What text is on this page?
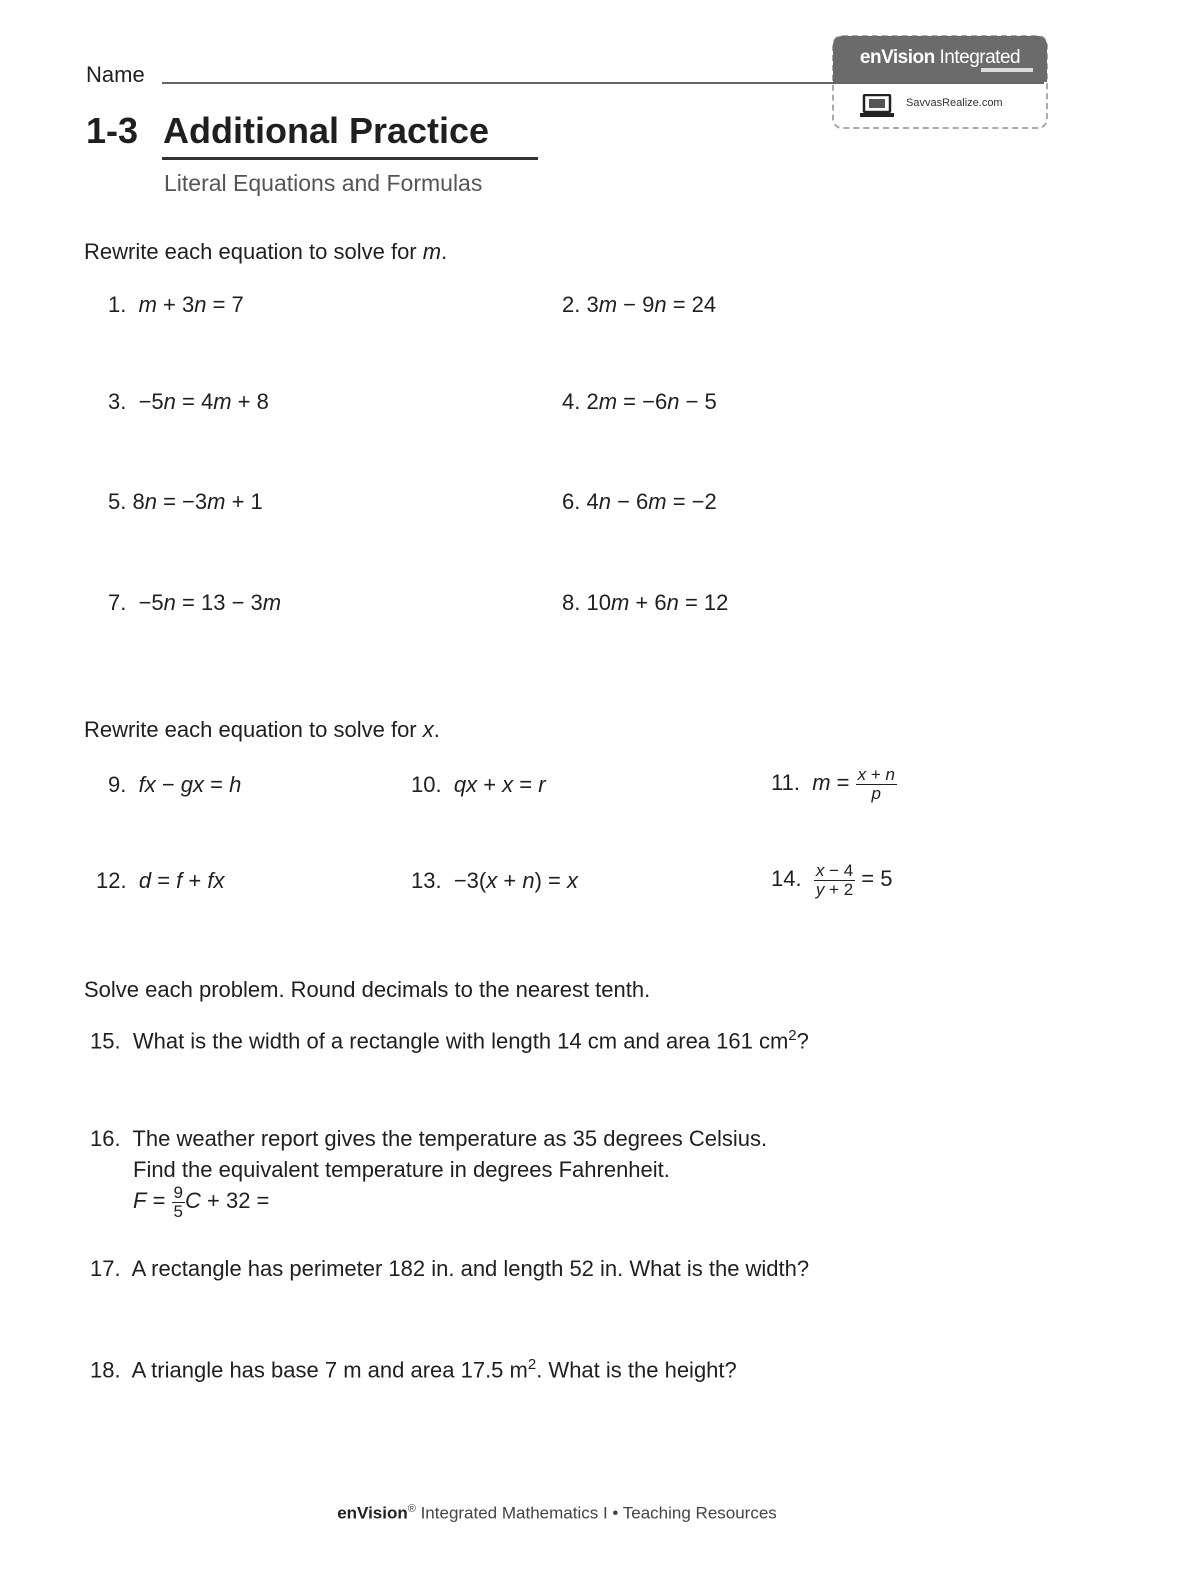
Name
enVision Integrated
SavvasRealize.com
1-3 Additional Practice
Literal Equations and Formulas
Rewrite each equation to solve for m.
1. m + 3n = 7	2. 3m − 9n = 24
3.  −5n = 4m + 8	4. 2m = −6n − 5
5. 8n = −3m + 1	6. 4n − 6m = −2
7.  −5n = 13 − 3m	8. 10m + 6n = 12
Rewrite each equation to solve for x.
9. fx − gx = h	10. qx + x = r	11. $m = \frac{x + n}{p}$
12. d = f + fx	13.  −3(x + n) = x	14. $\frac{x - 4}{y + 2} = 5$
Solve each problem. Round decimals to the nearest tenth.
15. What is the width of a rectangle with length 14 cm and area 161 $cm^2$?
16. The weather report gives the temperature as 35 degrees Celsius.
Find the equivalent temperature in degrees Fahrenheit.
$F = \frac{9}{5}$ C + 32 =
17. A rectangle has perimeter 182 in. and length 52 in. What is the width?
18. A triangle has base 7 m and area 17.5 $m^2$. What is the height?
enVision® Integrated Mathematics I • Teaching Resources
